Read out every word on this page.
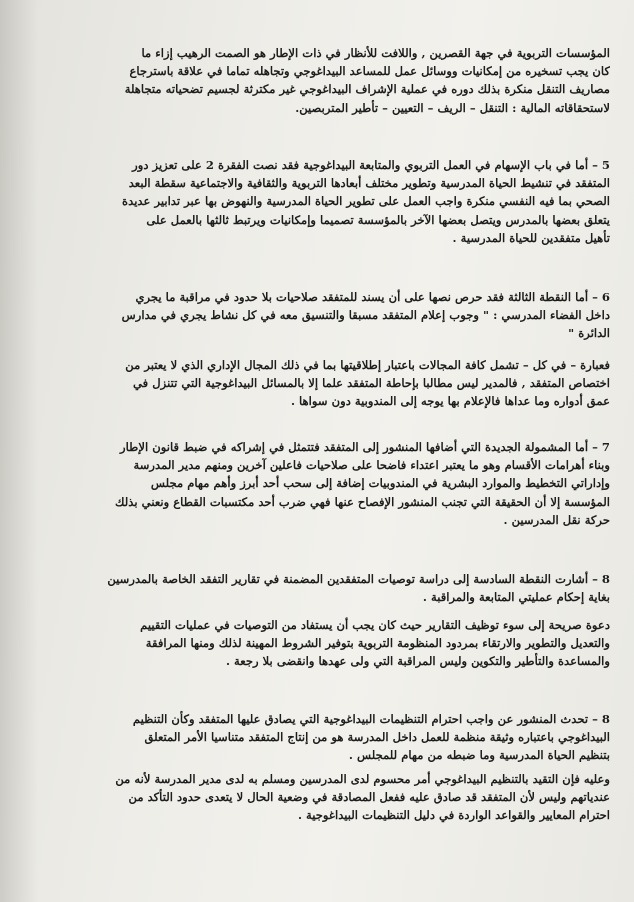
المؤسسات التربوية في جهة القصرين , واللافت للأنظار في ذات الإطار هو الصمت الرهيب إزاء ما
كان يجب تسخيره من إمكانيات ووسائل عمل للمساعد البيداغوجي وتجاهله تماما في علاقة باسترجاع
مصاريف التنقل منكرة بذلك دوره في عملية الإشراف البيداغوجي غير مكترثة لجسيم تضحياته متجاهلة
لاستحقاقاته المالية : التنقل – الريف – التعيين – تأطير المتربصين.
5 – أما في باب الإسهام في العمل التربوي والمتابعة البيداغوجية فقد نصت الفقرة 2 على تعزيز دور
المتفقد في تنشيط الحياة المدرسية وتطوير مختلف أبعادها التربوية والثقافية والاجتماعية سقطة البعد
الصحي بما فيه النفسي منكرة واجب العمل على تطوير الحياة المدرسية والنهوض بها عبر تدابير عديدة
يتعلق بعضها بالمدرس ويتصل بعضها الآخر بالمؤسسة تصميما وإمكانيات ويرتبط ثالثها بالعمل على
تأهيل متفقدين للحياة المدرسية .
6 – أما النقطة الثالثة فقد حرص نصها على أن يسند للمتفقد صلاحيات بلا حدود في مراقبة ما يجري
داخل الفضاء المدرسي : " وجوب إعلام المتفقد مسبقا والتنسيق معه في كل نشاط يجري في مدارس
الدائرة "
فعبارة – في كل – تشمل كافة المجالات باعتبار إطلاقيتها بما في ذلك المجال الإداري الذي لا يعتبر من
اختصاص المتفقد , فالمدير ليس مطالبا بإحاطة المتفقد علما إلا بالمسائل البيداغوجية التي تتنزل في
عمق أدواره وما عداها فالإعلام بها يوجه إلى المندوبية دون سواها .
7 – أما المشمولة الجديدة التي أضافها المنشور إلى المتفقد فتتمثل في إشراكه في ضبط قانون الإطار
وبناء أهرامات الأقسام وهو ما يعتبر اعتداء فاضحا على صلاحيات فاعلين آخرين ومنهم مدير المدرسة
وإداراتي التخطيط والموارد البشرية في المندوبيات إضافة إلى سحب أحد أبرز وأهم مهام مجلس
المؤسسة إلا أن الحقيقة التي تجنب المنشور الإفصاح عنها فهي ضرب أحد مكتسبات القطاع ونعني بذلك
حركة نقل المدرسين .
8 – أشارت النقطة السادسة إلى دراسة توصيات المتفقدين المضمنة في تقارير التفقد الخاصة بالمدرسين
بغاية إحكام عمليتي المتابعة والمراقبة .
دعوة صريحة إلى سوء توظيف التقارير حيث كان يجب أن يستفاد من التوصيات في عمليات التقييم
والتعديل والتطوير والارتقاء بمردود المنظومة التربوية بتوفير الشروط المهينة لذلك ومنها المرافقة
والمساعدة والتأطير والتكوين وليس المراقبة التي ولى عهدها وانقضى بلا رجعة .
8 – تحدث المنشور عن واجب احترام التنظيمات البيداغوجية التي يصادق عليها المتفقد وكأن التنظيم
البيداغوجي باعتباره وثيقة منظمة للعمل داخل المدرسة هو من إنتاج المتفقد متناسيا الأمر المتعلق
بتنظيم الحياة المدرسية وما ضبطه من مهام للمجلس .
وعليه فإن التقيد بالتنظيم البيداغوجي أمر محسوم لدى المدرسين ومسلم به لدى مدير المدرسة لأنه من
عندياتهم وليس لأن المتفقد قد صادق عليه ففعل المصادقة في وضعية الحال لا يتعدى حدود التأكد من
احترام المعايير والقواعد الواردة في دليل التنظيمات البيداغوجية .
